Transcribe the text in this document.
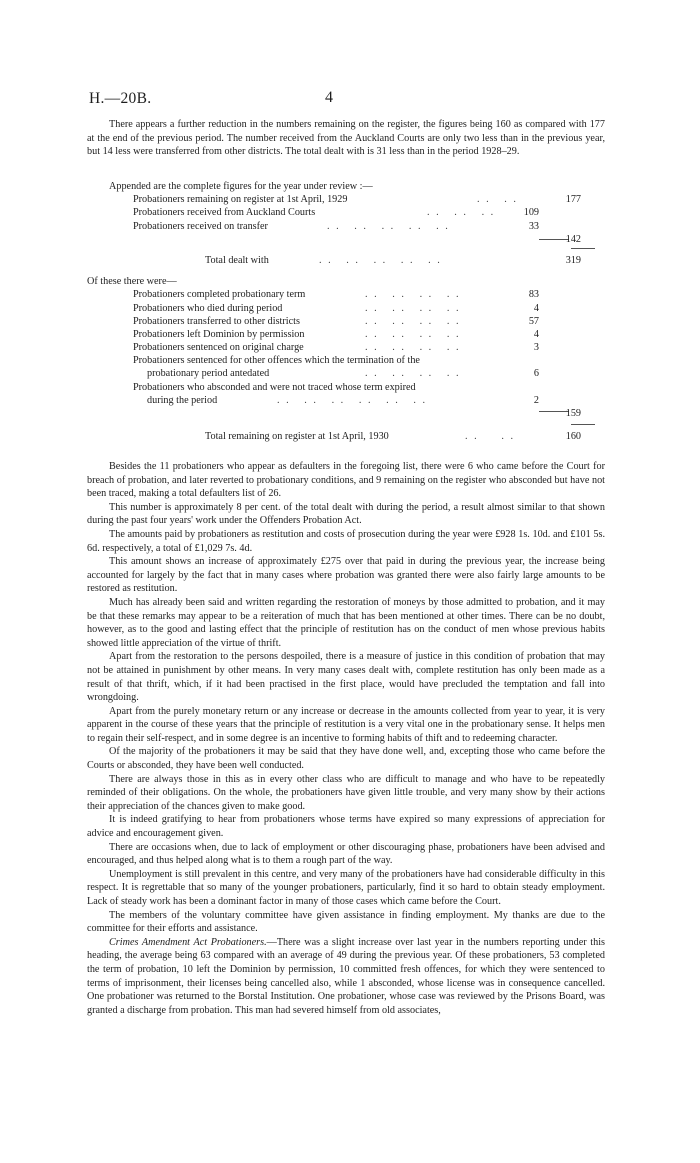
H.—20B.	4

There appears a further reduction in the numbers remaining on the register, the figures being 160 as compared with 177 at the end of the previous period. The number received from the Auckland Courts are only two less than in the previous year, but 14 less were transferred from other districts. The total dealt with is 31 less than in the period 1928–29.

Appended are the complete figures for the year under review :—
Probationers remaining on register at 1st April, 1929	. .   . .	177
Probationers received from Auckland Courts	. .   . .   . .	109
Probationers received on transfer	. .   . .   . .   . .   . .	33
142
Total dealt with	. .   . .   . .   . .   . .	319
Of these there were—
Probationers completed probationary term	. .   . .   . .   . .	83
Probationers who died during period	. .   . .   . .   . .	4
Probationers transferred to other districts	. .   . .   . .   . .	57
Probationers left Dominion by permission	. .   . .   . .   . .	4
Probationers sentenced on original charge	. .   . .   . .   . .	3
Probationers sentenced for other offences which the termination of the
probationary period antedated	. .   . .   . .   . .	6
Probationers who absconded and were not traced whose term expired
during the period	. .   . .   . .   . .   . .   . .	2
159
Total remaining on register at 1st April, 1930	. .     . .	160

Besides the 11 probationers who appear as defaulters in the foregoing list, there were 6 who came before the Court for breach of probation, and later reverted to probationary conditions, and 9 remaining on the register who absconded but have not been traced, making a total defaulters list of 26.

This number is approximately 8 per cent. of the total dealt with during the period, a result almost similar to that shown during the past four years' work under the Offenders Probation Act.

The amounts paid by probationers as restitution and costs of prosecution during the year were £928 1s. 10d. and £101 5s. 6d. respectively, a total of £1,029 7s. 4d.

This amount shows an increase of approximately £275 over that paid in during the previous year, the increase being accounted for largely by the fact that in many cases where probation was granted there were also fairly large amounts to be restored as restitution.

Much has already been said and written regarding the restoration of moneys by those admitted to probation, and it may be that these remarks may appear to be a reiteration of much that has been mentioned at other times. There can be no doubt, however, as to the good and lasting effect that the principle of restitution has on the conduct of men whose previous habits showed little appreciation of the virtue of thrift.

Apart from the restoration to the persons despoiled, there is a measure of justice in this condition of probation that may not be attained in punishment by other means. In very many cases dealt with, complete restitution has only been made as a result of that thrift, which, if it had been practised in the first place, would have precluded the temptation and fall into wrongdoing.

Apart from the purely monetary return or any increase or decrease in the amounts collected from year to year, it is very apparent in the course of these years that the principle of restitution is a very vital one in the probationary sense. It helps men to regain their self-respect, and in some degree is an incentive to forming habits of thift and to redeeming character.

Of the majority of the probationers it may be said that they have done well, and, excepting those who came before the Courts or absconded, they have been well conducted.

There are always those in this as in every other class who are difficult to manage and who have to be repeatedly reminded of their obligations. On the whole, the probationers have given little trouble, and very many show by their actions their appreciation of the chances given to make good.

It is indeed gratifying to hear from probationers whose terms have expired so many expressions of appreciation for advice and encouragement given.

There are occasions when, due to lack of employment or other discouraging phase, probationers have been advised and encouraged, and thus helped along what is to them a rough part of the way.

Unemployment is still prevalent in this centre, and very many of the probationers have had considerable difficulty in this respect. It is regrettable that so many of the younger probationers, particularly, find it so hard to obtain steady employment. Lack of steady work has been a dominant factor in many of those cases which came before the Court.

The members of the voluntary committee have given assistance in finding employment. My thanks are due to the committee for their efforts and assistance.

Crimes Amendment Act Probationers.—There was a slight increase over last year in the numbers reporting under this heading, the average being 63 compared with an average of 49 during the previous year. Of these probationers, 53 completed the term of probation, 10 left the Dominion by permission, 10 committed fresh offences, for which they were sentenced to terms of imprisonment, their licenses being cancelled also, while 1 absconded, whose license was in consequence cancelled. One probationer was returned to the Borstal Institution. One probationer, whose case was reviewed by the Prisons Board, was granted a discharge from probation. This man had severed himself from old associates,
